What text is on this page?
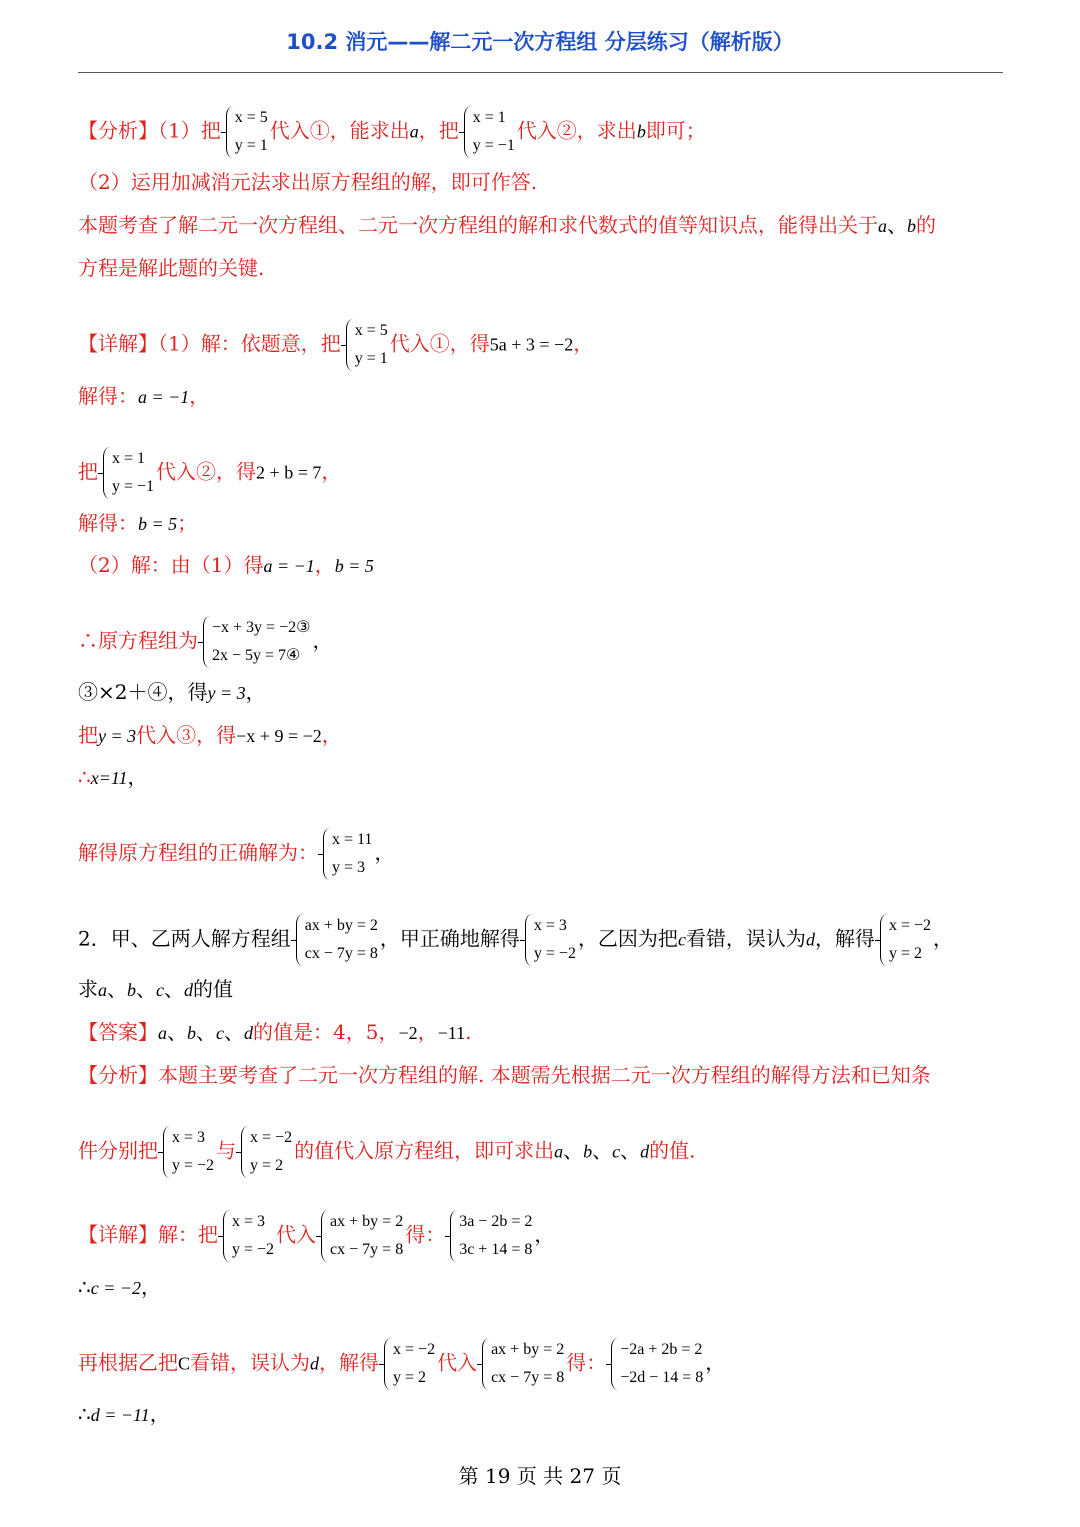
10.2 消元——解二元一次方程组 分层练习（解析版）
【分析】（1）把
x = 5
y = 1
代入①，能求出a，把
x = 1
y = −1
代入②，求出b即可；
（2）运用加减消元法求出原方程组的解，即可作答.
本题考查了解二元一次方程组、二元一次方程组的解和求代数式的值等知识点，能得出关于a、b的
方程是解此题的关键.
【详解】（1）解：依题意，把
x = 5
y = 1
代入①，得5a + 3 = −2，
解得：a = −1，
把
x = 1
y = −1
代入②，得2 + b = 7，
解得：b = 5；
（2）解：由（1）得a = −1，b = 5
∴原方程组为
−x + 3y = −2③
2x − 5y = 7④
，
③×2＋④，得y = 3，
把y = 3代入③，得−x + 9 = −2，
∴x=11，
解得原方程组的正确解为：
x = 11
y = 3
，
2．甲、乙两人解方程组
ax + by = 2
cx − 7y = 8
，甲正确地解得
x = 3
y = −2
，乙因为把c看错，误认为d，解得
x = −2
y = 2
，
求a、b、c、d的值
【答案】a、b、c、d的值是：4，5，−2，−11.
【分析】本题主要考查了二元一次方程组的解. 本题需先根据二元一次方程组的解得方法和已知条
件分别把
x = 3
y = −2
与
x = −2
y = 2
的值代入原方程组，即可求出a、b、c、d的值.
【详解】解：把
x = 3
y = −2
代入
ax + by = 2
cx − 7y = 8
得：
3a − 2b = 2
3c + 14 = 8
，
∴c = −2，
再根据乙把C看错，误认为d，解得
x = −2
y = 2
代入
ax + by = 2
cx − 7y = 8
得：
−2a + 2b = 2
−2d − 14 = 8
，
∴d = −11，
第 19 页 共 27 页
